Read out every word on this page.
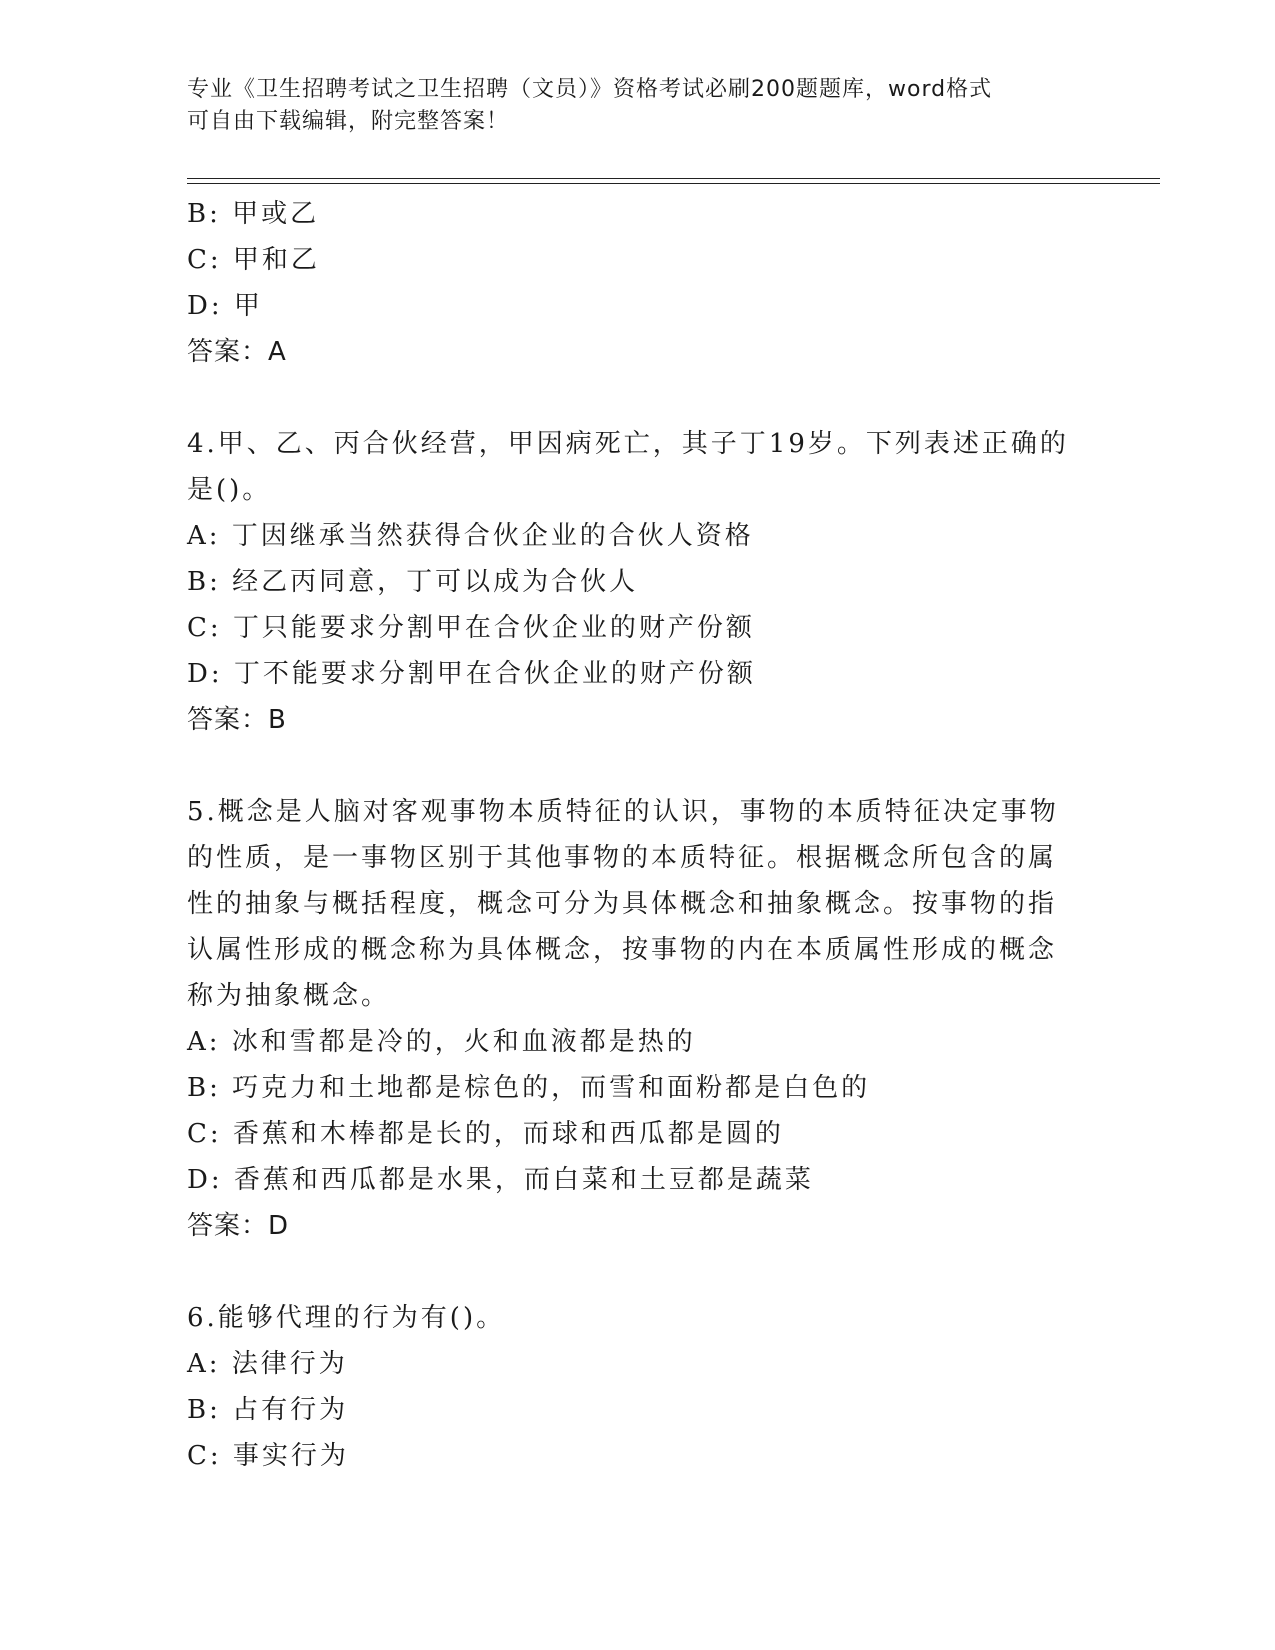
专业《卫生招聘考试之卫生招聘（文员）》资格考试必刷200题题库，word格式
可自由下载编辑，附完整答案！
B: 甲或乙
C: 甲和乙
D: 甲
答案：A
4.甲、乙、丙合伙经营，甲因病死亡，其子丁19岁。下列表述正确的
是()。
A: 丁因继承当然获得合伙企业的合伙人资格
B: 经乙丙同意，丁可以成为合伙人
C: 丁只能要求分割甲在合伙企业的财产份额
D: 丁不能要求分割甲在合伙企业的财产份额
答案：B
5.概念是人脑对客观事物本质特征的认识，事物的本质特征决定事物
的性质，是一事物区别于其他事物的本质特征。根据概念所包含的属
性的抽象与概括程度，概念可分为具体概念和抽象概念。按事物的指
认属性形成的概念称为具体概念，按事物的内在本质属性形成的概念
称为抽象概念。
A: 冰和雪都是冷的，火和血液都是热的
B: 巧克力和土地都是棕色的，而雪和面粉都是白色的
C: 香蕉和木棒都是长的，而球和西瓜都是圆的
D: 香蕉和西瓜都是水果，而白菜和土豆都是蔬菜
答案：D
6.能够代理的行为有()。
A: 法律行为
B: 占有行为
C: 事实行为
